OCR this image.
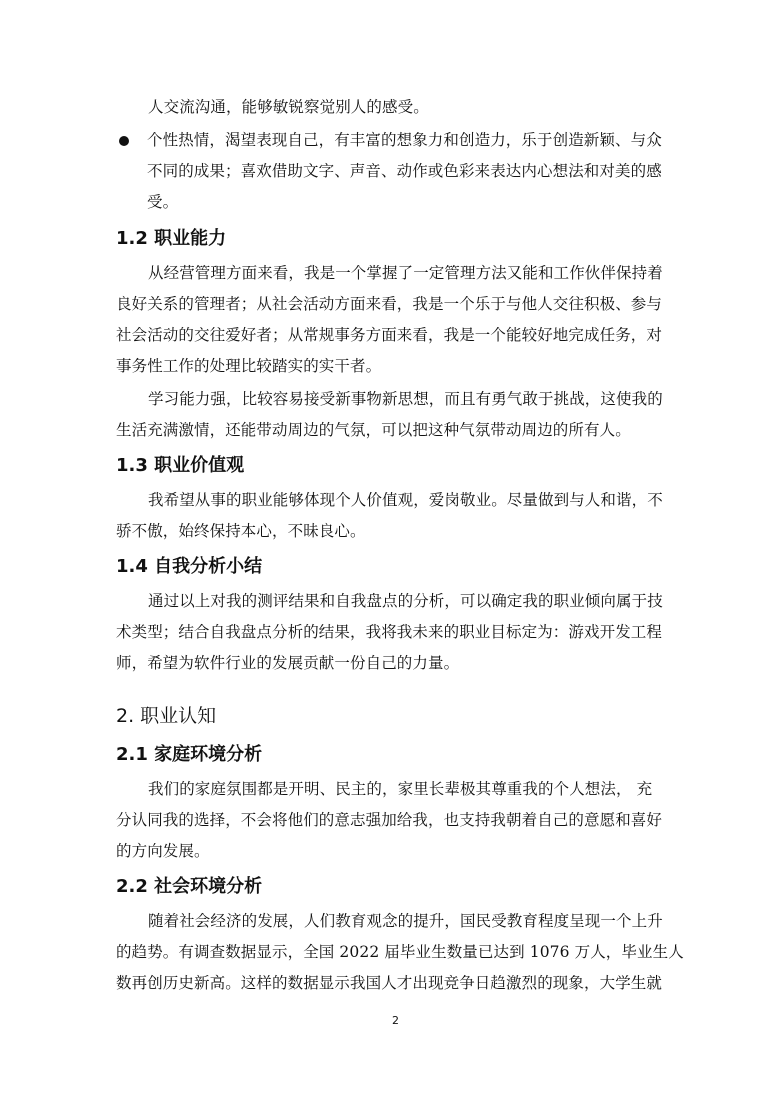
人交流沟通，能够敏锐察觉别人的感受。
个性热情，渴望表现自己，有丰富的想象力和创造力，乐于创造新颖、与众
不同的成果；喜欢借助文字、声音、动作或色彩来表达内心想法和对美的感
受。
1.2 职业能力
从经营管理方面来看，我是一个掌握了一定管理方法又能和工作伙伴保持着
良好关系的管理者；从社会活动方面来看，我是一个乐于与他人交往积极、参与
社会活动的交往爱好者；从常规事务方面来看，我是一个能较好地完成任务，对
事务性工作的处理比较踏实的实干者。
学习能力强，比较容易接受新事物新思想，而且有勇气敢于挑战，这使我的
生活充满激情，还能带动周边的气氛，可以把这种气氛带动周边的所有人。
1.3 职业价值观
我希望从事的职业能够体现个人价值观，爱岗敬业。尽量做到与人和谐，不
骄不傲，始终保持本心，不昧良心。
1.4 自我分析小结
通过以上对我的测评结果和自我盘点的分析，可以确定我的职业倾向属于技
术类型；结合自我盘点分析的结果，我将我未来的职业目标定为：游戏开发工程
师，希望为软件行业的发展贡献一份自己的力量。
2. 职业认知
2.1 家庭环境分析
我们的家庭氛围都是开明、民主的，家里长辈极其尊重我的个人想法， 充
分认同我的选择，不会将他们的意志强加给我，也支持我朝着自己的意愿和喜好
的方向发展。
2.2 社会环境分析
随着社会经济的发展，人们教育观念的提升，国民受教育程度呈现一个上升
的趋势。有调查数据显示，全国 2022 届毕业生数量已达到 1076 万人，毕业生人
数再创历史新高。这样的数据显示我国人才出现竞争日趋激烈的现象，大学生就
2
